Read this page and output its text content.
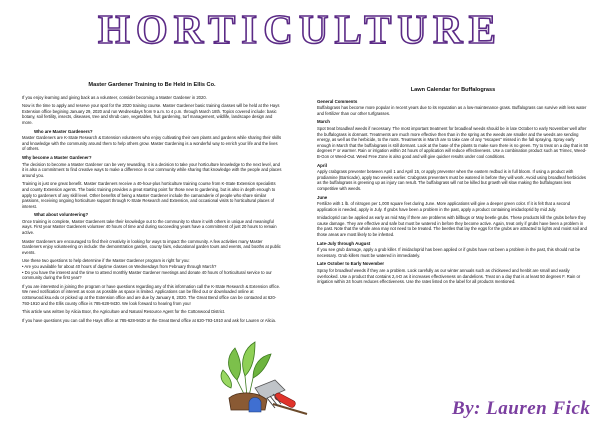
HORTICULTURE
Master Gardener Training to Be Held in Ellis Co.

If you enjoy learning and giving back as a volunteer, consider becoming a Master Gardener in 2020.

Now is the time to apply and reserve your spot for the 2020 training course. Master Gardener basic training classes will be held at the Hays Extension office begining January 29, 2020 and run Wednesdays from 9 a.m. to 4 p.m. through March 18th. Topics covered include: basic botany, soil fertility, insects, diseases, tree and shrub care, vegetables, fruit gardening, turf management, wildlife, landscape design and more.

Who are Master Gardeners?

Master Gardeners are K-State Research & Extension volunteers who enjoy cultivating their own plants and gardens while sharing their skills and knowledge with the community around them to help others grow. Master Gardening is a wonderful way to enrich your life and the lives of others.

Why become a Master Gardener?

The decision to become a Master Gardener can be very rewarding. It is a decision to take your horticulture knowledge to the next level, and it is also a commitment to find creative ways to make a difference in our community while sharing that knowledge with the people and places around you.

Training is just one great benefit. Master Gardeners receive a 40-hour-plus horticulture training course from K-State Extension specialists and county Extension agents. The basic training provides a great starting point for those new to gardening, but is also in depth enough to apply to gardeners of any skill level. Other benefits of being a Master Gardener include the camaraderie of people who share similar passions, receiving ongoing horticulture support through K-State Research and Extension, and occasional visits to horticultural places of interest.

What about volunteering?

Once training is complete, Master Gardeners take their knowledge out to the community to share it with others in unique and meaningful ways. First year Master Gardeners volunteer 40 hours of time and during succeeding years have a commitment of just 20 hours to remain active.

Master Gardeners are encouraged to find their creativity in looking for ways to impact the community. A few activities many Master Gardeners enjoy volunteering on include: the demonstration garden, county fairs, educational garden tours and events, and booths at public events.

Use these two questions to help determine if the Master Gardener program is right for you:

• Are you available for about 40 hours of daytime classes on Wednesdays from February through March?

• Do you have the interest and the time to attend monthly Master Gardener meetings and donate 40 hours of horticultural service to our community during the first year?

If you are interested in joining the program or have questions regarding any of this information call the K-State Research & Extension office. We need notification of interest as soon as possible as space is limited. Applications can be filled out or downloaded online at cottonwood.ksu.edu or picked up at the Extension office and are due by January 8, 2020. The Great Bend office can be contacted at 620-793-1910 and the Ellis county office is 785-628-9430. We look forward to hearing from you!

This article was written by Alicia Boor, the Agriculture and Natural Resource Agent for the Cottonwood District.

If you have questions you can call the Hays office at 785-628-9430 or the Great Bend office at 620-793-1910 and ask for Lauren or Alicia.

Lawn Calendar for Buffalograss
General Comments

Buffalograss has become more popular in recent years due to its reputation as a low-maintenance grass. Buffalograss can survive with less water and fertilizer than our other turfgrasses.

March

Spot treat broadleaf weeds if necessary. The most important treatment for broadleaf weeds should be in late October to early November well after the buffalograss is dormant. Treatments are much more effective then than in the spring as the weeds are smaller and the weeds are sending energy, as well as the herbicide, to the roots. Treatments in March are to take care of any "escapes" missed in the fall spraying. Spray early enough in March that the buffalograss is still dormant. Look at the base of the plants to make sure there is no green. Try to treat on a day that is 50 degrees F or warmer. Rain or irrigation within 24 hours of application will reduce effectiveness. Use a combination product such as Trimec, Weed-B-Gon or Weed-Out. Weed Free Zone is also good and will give quicker results under cool conditions.

April

Apply crabgrass preventer between April 1 and April 15, or apply preventer when the eastern redbud is in full bloom. If using a product with prodiamine (Barricade), apply two weeks earlier. Crabgrass preventers must be watered in before they will work. Avoid using broadleaf herbicides as the buffalograss is greening up as injury can result. The buffalograss will not be killed but growth will slow making the buffalograss less competitive with weeds.

June

Fertilize with 1 lb. of nitrogen per 1,000 square feet during June. More applications will give a deeper green color. If it is felt that a second application is needed, apply in July. If grubs have been a problem in the past, apply a product containing imidacloprid by mid July.

Imidacloprid can be applied as early as mid May if there are problems with billbugs or May beetle grubs. These products kill the grubs before they cause damage. They are effective and safe but must be watered in before they become active. Again, treat only if grubs have been a problem in the past. Note that the whole area may not need to be treated. The beetles that lay the eggs for the grubs are attracted to lights and moist soil and those areas are most likely to be infested.

Late-July through August

If you see grub damage, apply a grub killer. If imidacloprid has been applied or if grubs have not been a problem in the past, this should not be necessary. Grub killers must be watered in immediately.

Late October to Early November

Spray for broadleaf weeds if they are a problem. Look carefully as our winter annuals such as chickweed and henbit are small and easily overlooked. Use a product that contains 2,4-D as it increases effectiveness on dandelions. Treat on a day that is at least 50 degrees F. Rain or irrigation within 24 hours reduces effectiveness. Use the rates listed on the label for all products mentioned.

By: Lauren Fick
